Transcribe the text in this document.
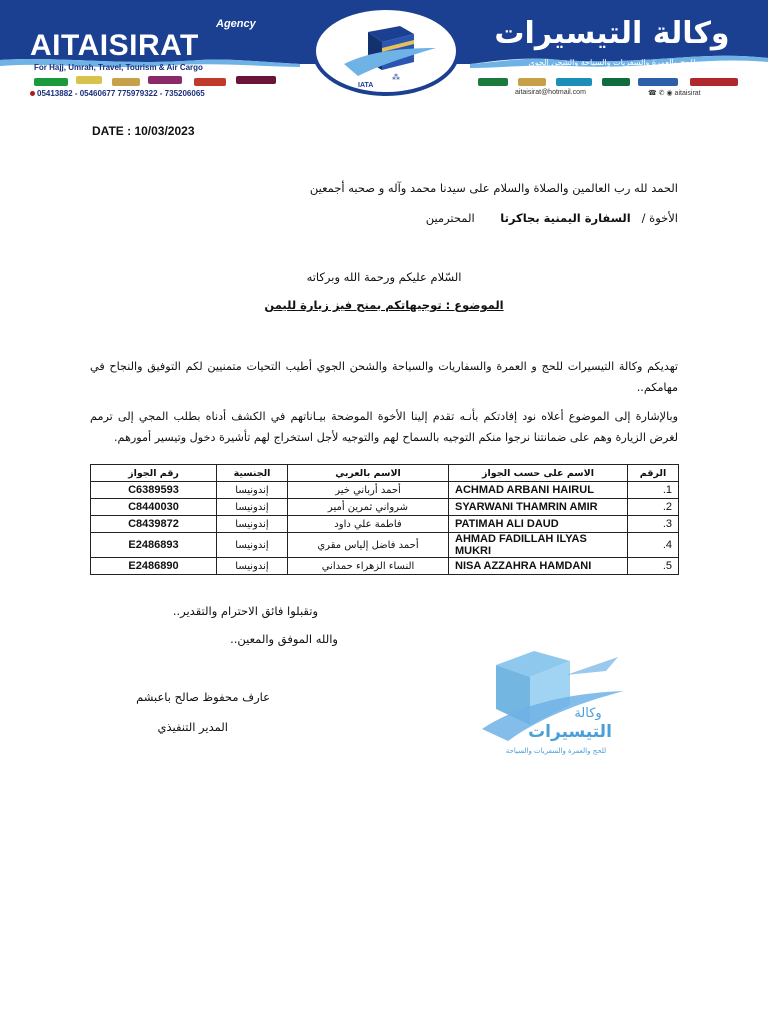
Agency
AITAISIRAT
For Hajj, Umrah, Travel, Tourism & Air Cargo
وكالة التيسيرات
للحج والعمرة والسفريات والسياحة والشحن الجوي
⁂
IATA
05413882 - 05460677 775979322 - 735206065	aitaisirat@hotmail.com	☎ ✆ ◉ aitaisirat
DATE : 10/03/2023
الحمد لله رب العالمين والصلاة والسلام على سيدنا محمد وآله و صحبه أجمعين
الأخوة /   السفارة اليمنية بجاكرتا       المحترمين
السّلام عليكم ورحمة الله وبركاته
الموضوع : توجيهاتكم بمنح فيز زيارة لليمن
تهديكم وكالة التيسيرات للحج و العمرة والسفاريات والسياحة والشحن الجوي أطيب التحيات متمنيين لكم التوفيق والنجاح في مهامكم..
وبالإشارة إلى الموضوع أعلاه نود إفادتكم بأنـه تقدم إلينا الأخوة الموضحة بيـاناتهم في الكشف أدناه بطلب المجي إلى ترمم لغرض الزيارة وهم على ضمانتنا نرجوا منكم التوجيه بالسماح لهم والتوجيه لأجل استخراج لهم تأشيرة دخول وتيسير أمورهم.
الرقم	الاسم على حسب الجواز	الاسم بالعربي	الجنسية	رقم الجواز
1.	ACHMAD ARBANI HAIRUL	أحمد أرباني خير	إندونيسا	C6389593
2.	SYARWANI THAMRIN AMIR	شرواني ثمرين أمير	إندونيسا	C8440030
3.	PATIMAH ALI DAUD	فاطمة علي داود	إندونيسا	C8439872
4.	AHMAD FADILLAH ILYAS MUKRI	أحمد فاضل إلياس مقري	إندونيسا	E2486893
5.	NISA AZZAHRA HAMDANI	النساء الزهراء حمداني	إندونيسا	E2486890
وتقبلوا فائق الاحترام والتقدير..
والله الموفق والمعين..
عارف محفوظ صالح باعبشم
المدير التنفيذي
وكالة
التيسيرات
للحج والعمرة والسفريات والسياحة
